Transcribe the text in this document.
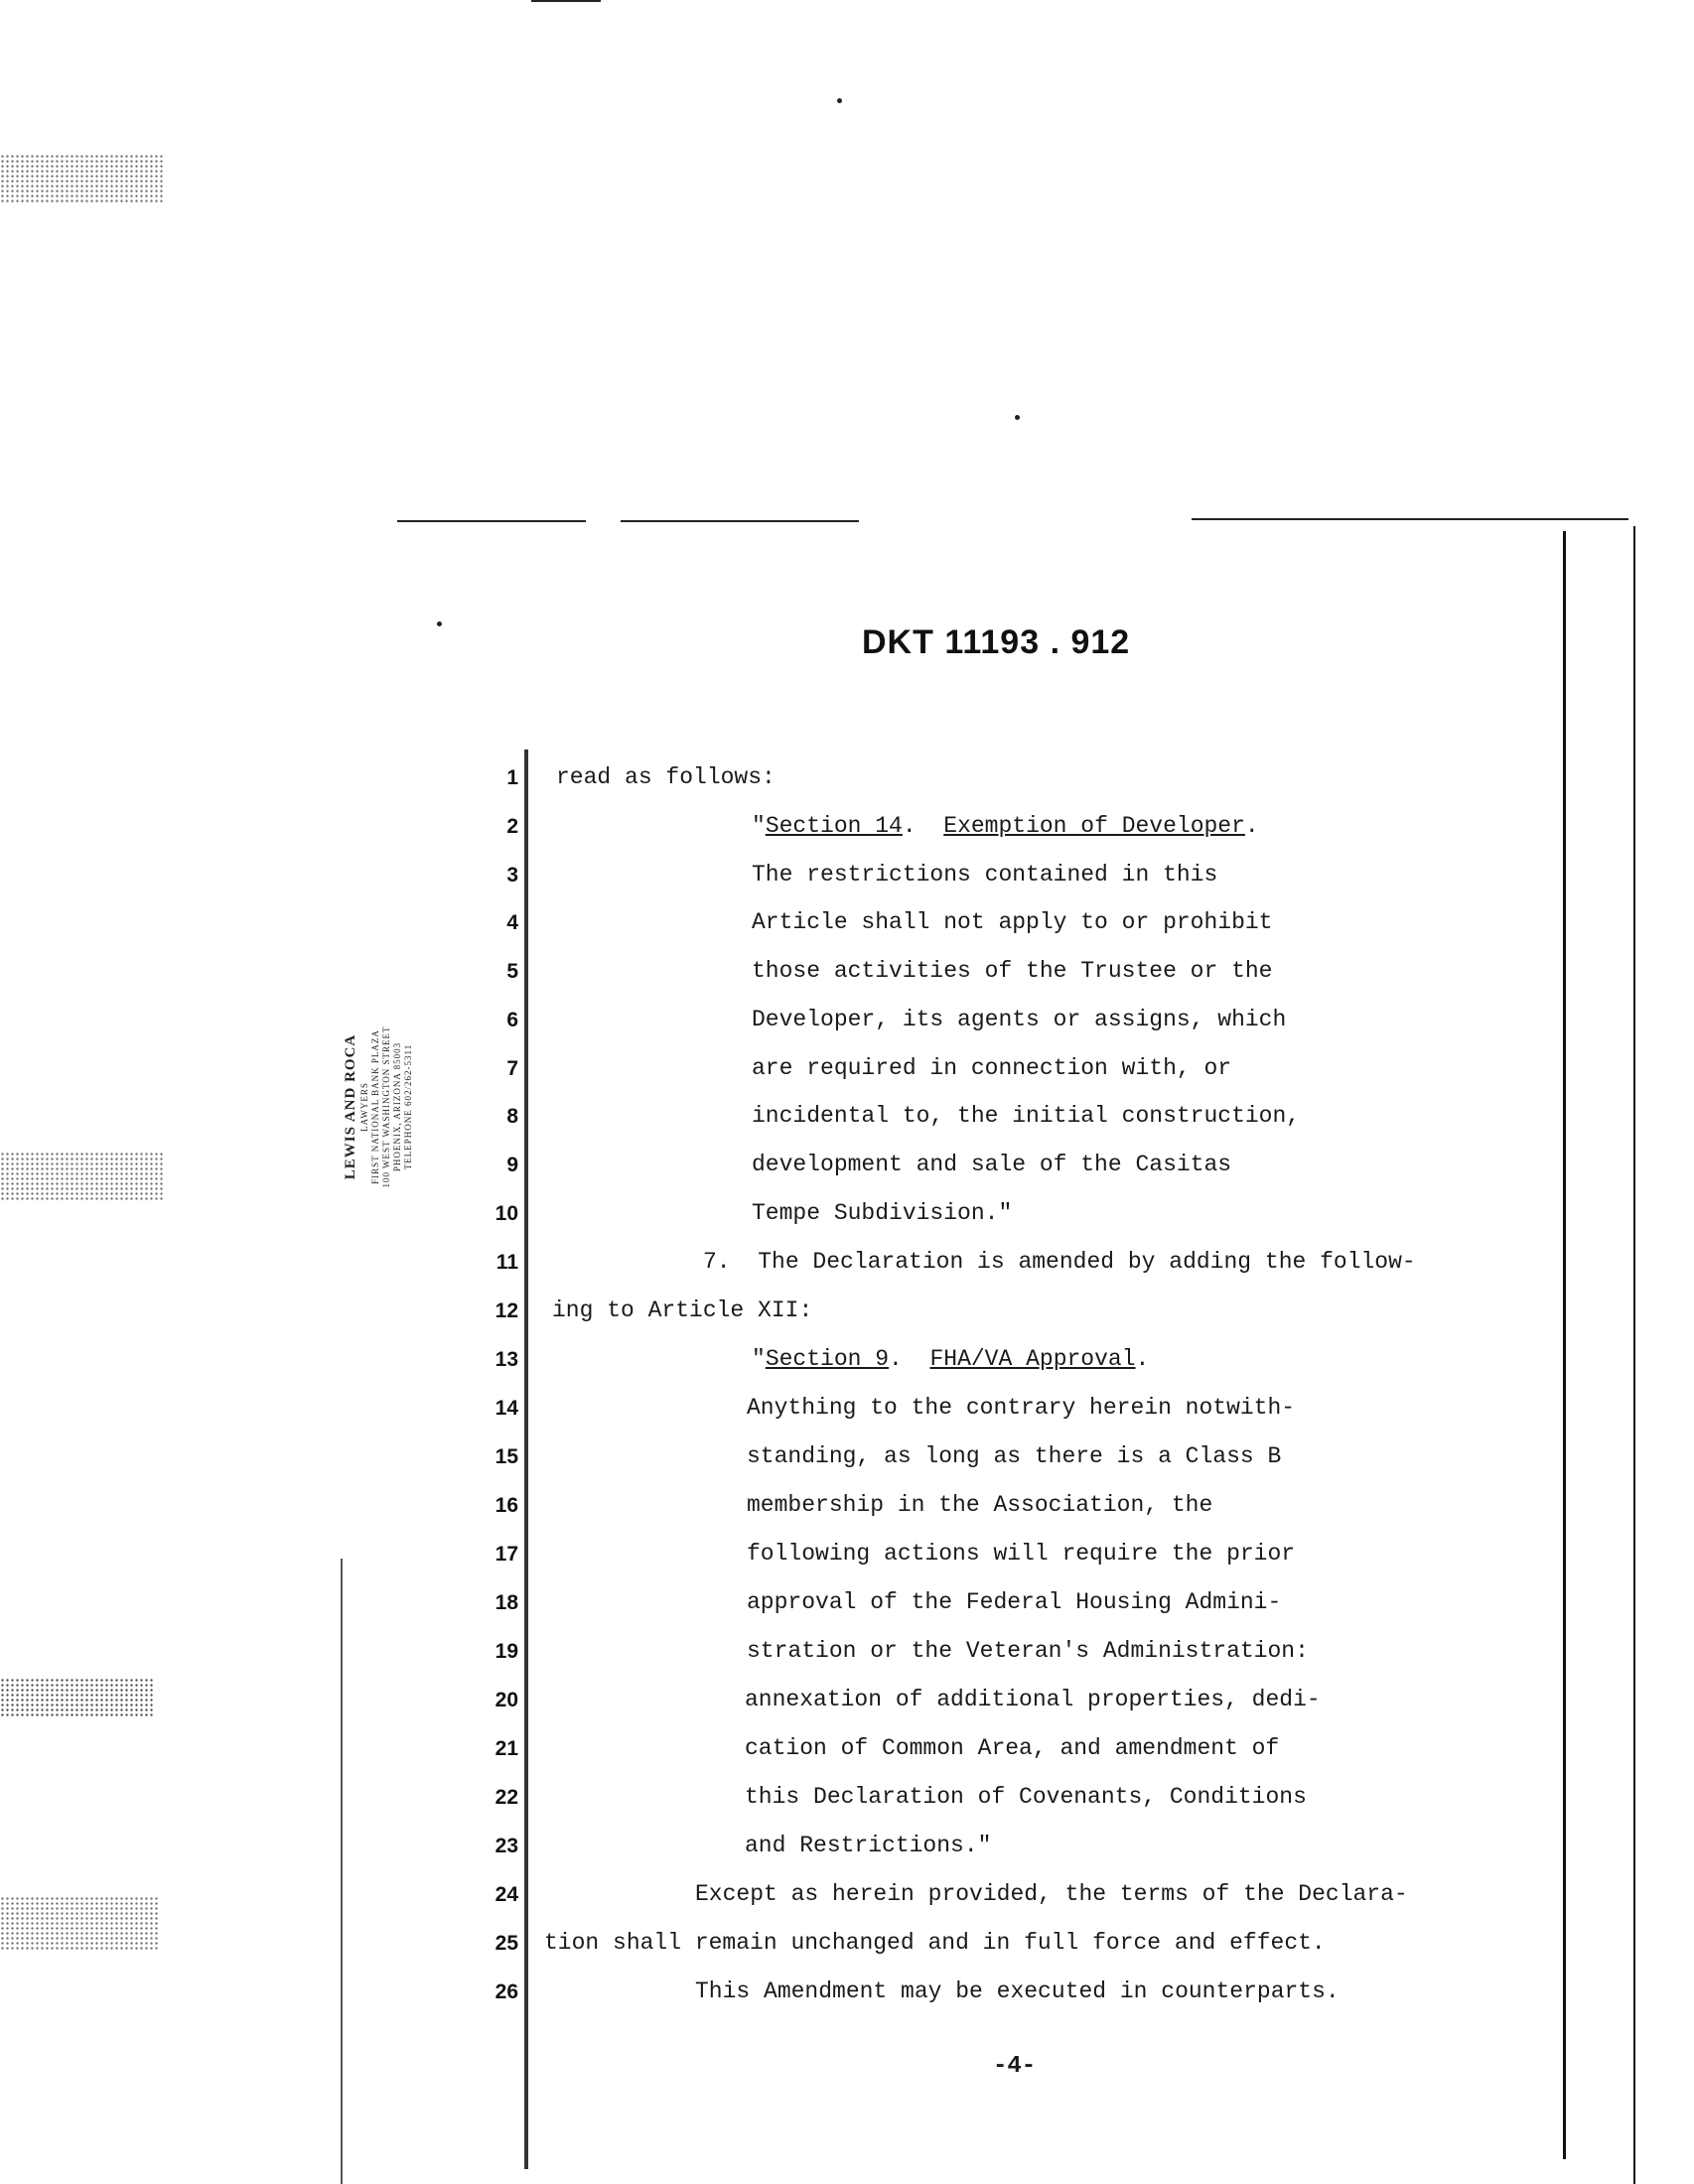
DKT 11193 . 912
LEWIS AND ROCA LAWYERS FIRST NATIONAL BANK PLAZA 100 WEST WASHINGTON STREET PHOENIX, ARIZONA 85003 TELEPHONE 602/262-5311
1
2
3
4
5
6
7
8
9
10
11
12
13
14
15
16
17
18
19
20
21
22
23
24
25
26
read as follows:
"Section 14.  Exemption of Developer.
The restrictions contained in this
Article shall not apply to or prohibit
those activities of the Trustee or the
Developer, its agents or assigns, which
are required in connection with, or
incidental to, the initial construction,
development and sale of the Casitas
Tempe Subdivision."
7.  The Declaration is amended by adding the follow-
ing to Article XII:
"Section 9.  FHA/VA Approval.
Anything to the contrary herein notwith-
standing, as long as there is a Class B
membership in the Association, the
following actions will require the prior
approval of the Federal Housing Admini-
stration or the Veteran's Administration:
annexation of additional properties, dedi-
cation of Common Area, and amendment of
this Declaration of Covenants, Conditions
and Restrictions."
Except as herein provided, the terms of the Declara-
tion shall remain unchanged and in full force and effect.
This Amendment may be executed in counterparts.
-4-
